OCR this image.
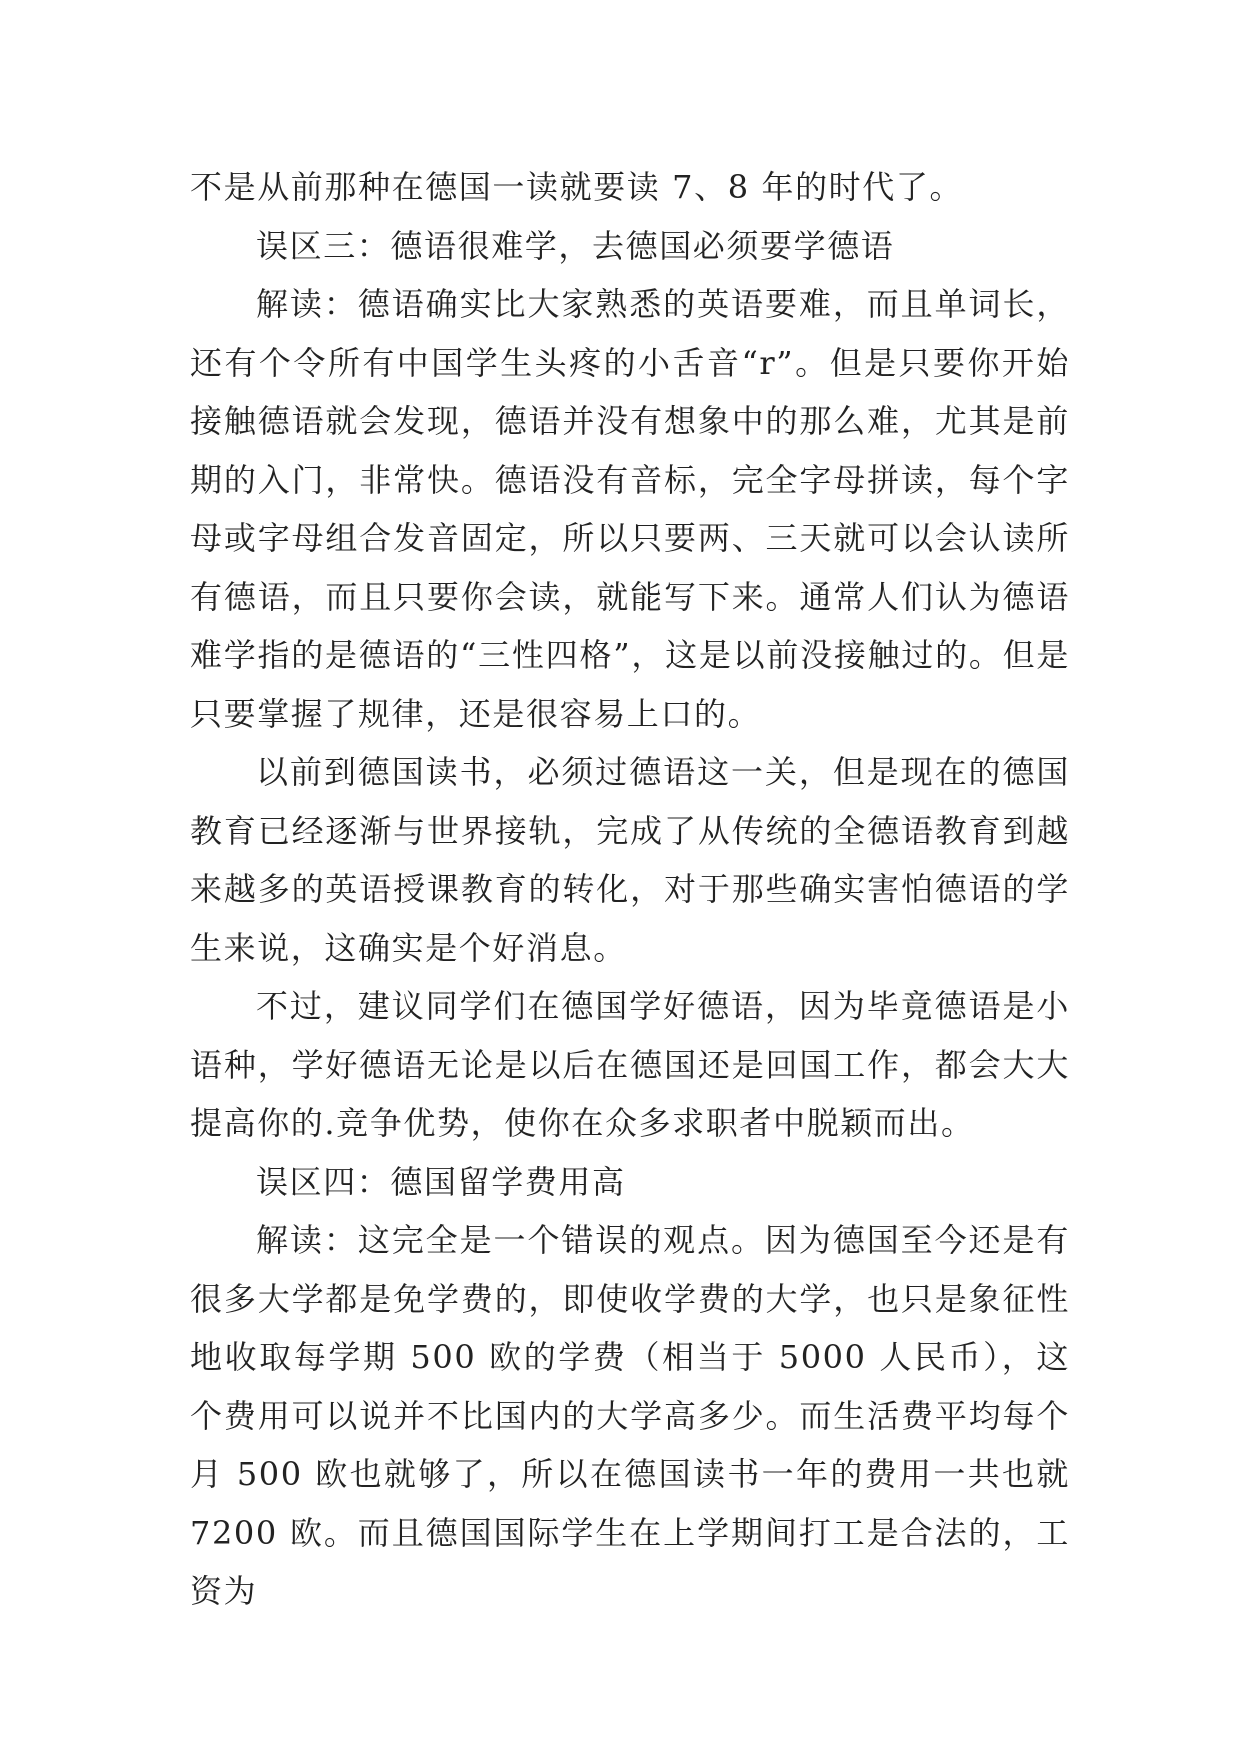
不是从前那种在德国一读就要读 7、8 年的时代了。

误区三：德语很难学，去德国必须要学德语

解读：德语确实比大家熟悉的英语要难，而且单词长，还有个令所有中国学生头疼的小舌音“r”。但是只要你开始接触德语就会发现，德语并没有想象中的那么难，尤其是前期的入门，非常快。德语没有音标，完全字母拼读，每个字母或字母组合发音固定，所以只要两、三天就可以会认读所有德语，而且只要你会读，就能写下来。通常人们认为德语难学指的是德语的“三性四格”，这是以前没接触过的。但是只要掌握了规律，还是很容易上口的。

以前到德国读书，必须过德语这一关，但是现在的德国教育已经逐渐与世界接轨，完成了从传统的全德语教育到越来越多的英语授课教育的转化，对于那些确实害怕德语的学生来说，这确实是个好消息。

不过，建议同学们在德国学好德语，因为毕竟德语是小语种，学好德语无论是以后在德国还是回国工作，都会大大提高你的.竞争优势，使你在众多求职者中脱颖而出。

误区四：德国留学费用高

解读：这完全是一个错误的观点。因为德国至今还是有很多大学都是免学费的，即使收学费的大学，也只是象征性地收取每学期 500 欧的学费（相当于 5000 人民币），这个费用可以说并不比国内的大学高多少。而生活费平均每个月 500 欧也就够了，所以在德国读书一年的费用一共也就 7200 欧。而且德国国际学生在上学期间打工是合法的，工资为
